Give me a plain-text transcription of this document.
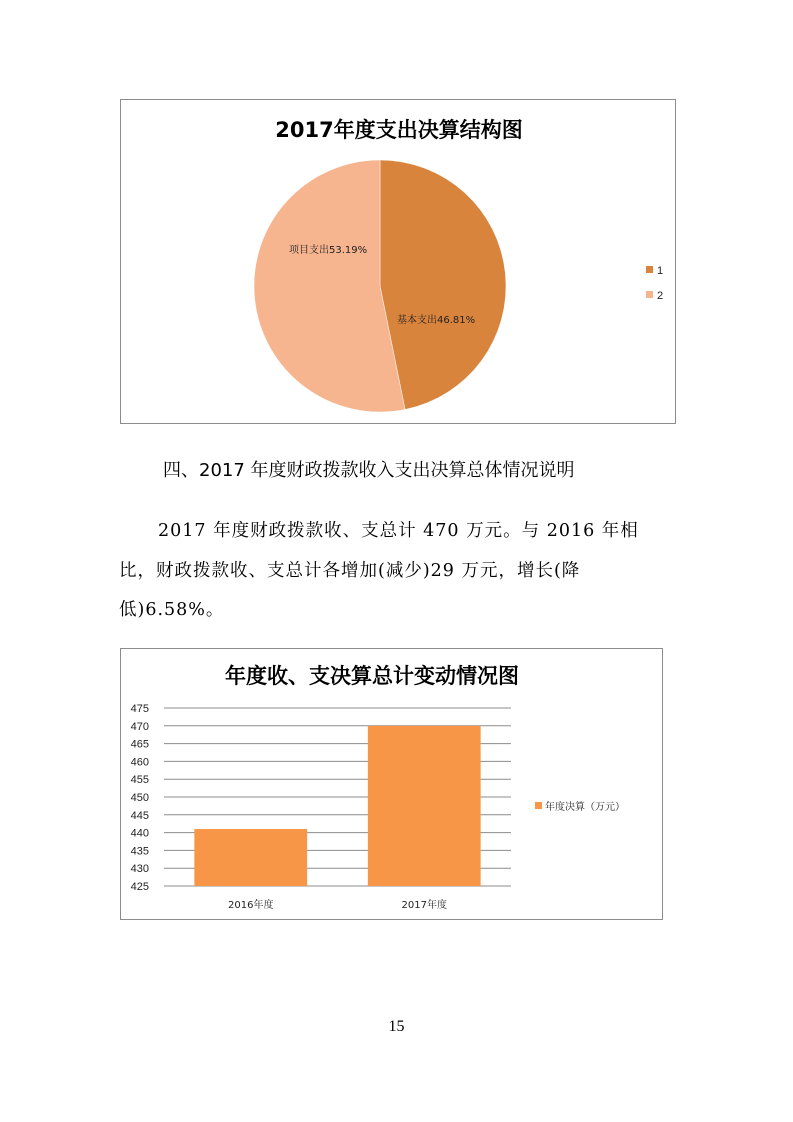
2017年度支出决算结构图
基本支出46.81%
项目支出53.19%
1
2
四、2017 年度财政拨款收入支出决算总体情况说明
2017 年度财政拨款收、支总计 470 万元。与 2016 年相
比，财政拨款收、支总计各增加(减少)29 万元，增长(降
低)6.58%。
年度收、支决算总计变动情况图
425
430
435
440
445
450
455
460
465
470
475
2016年度	2017年度
年度决算（万元）
15
